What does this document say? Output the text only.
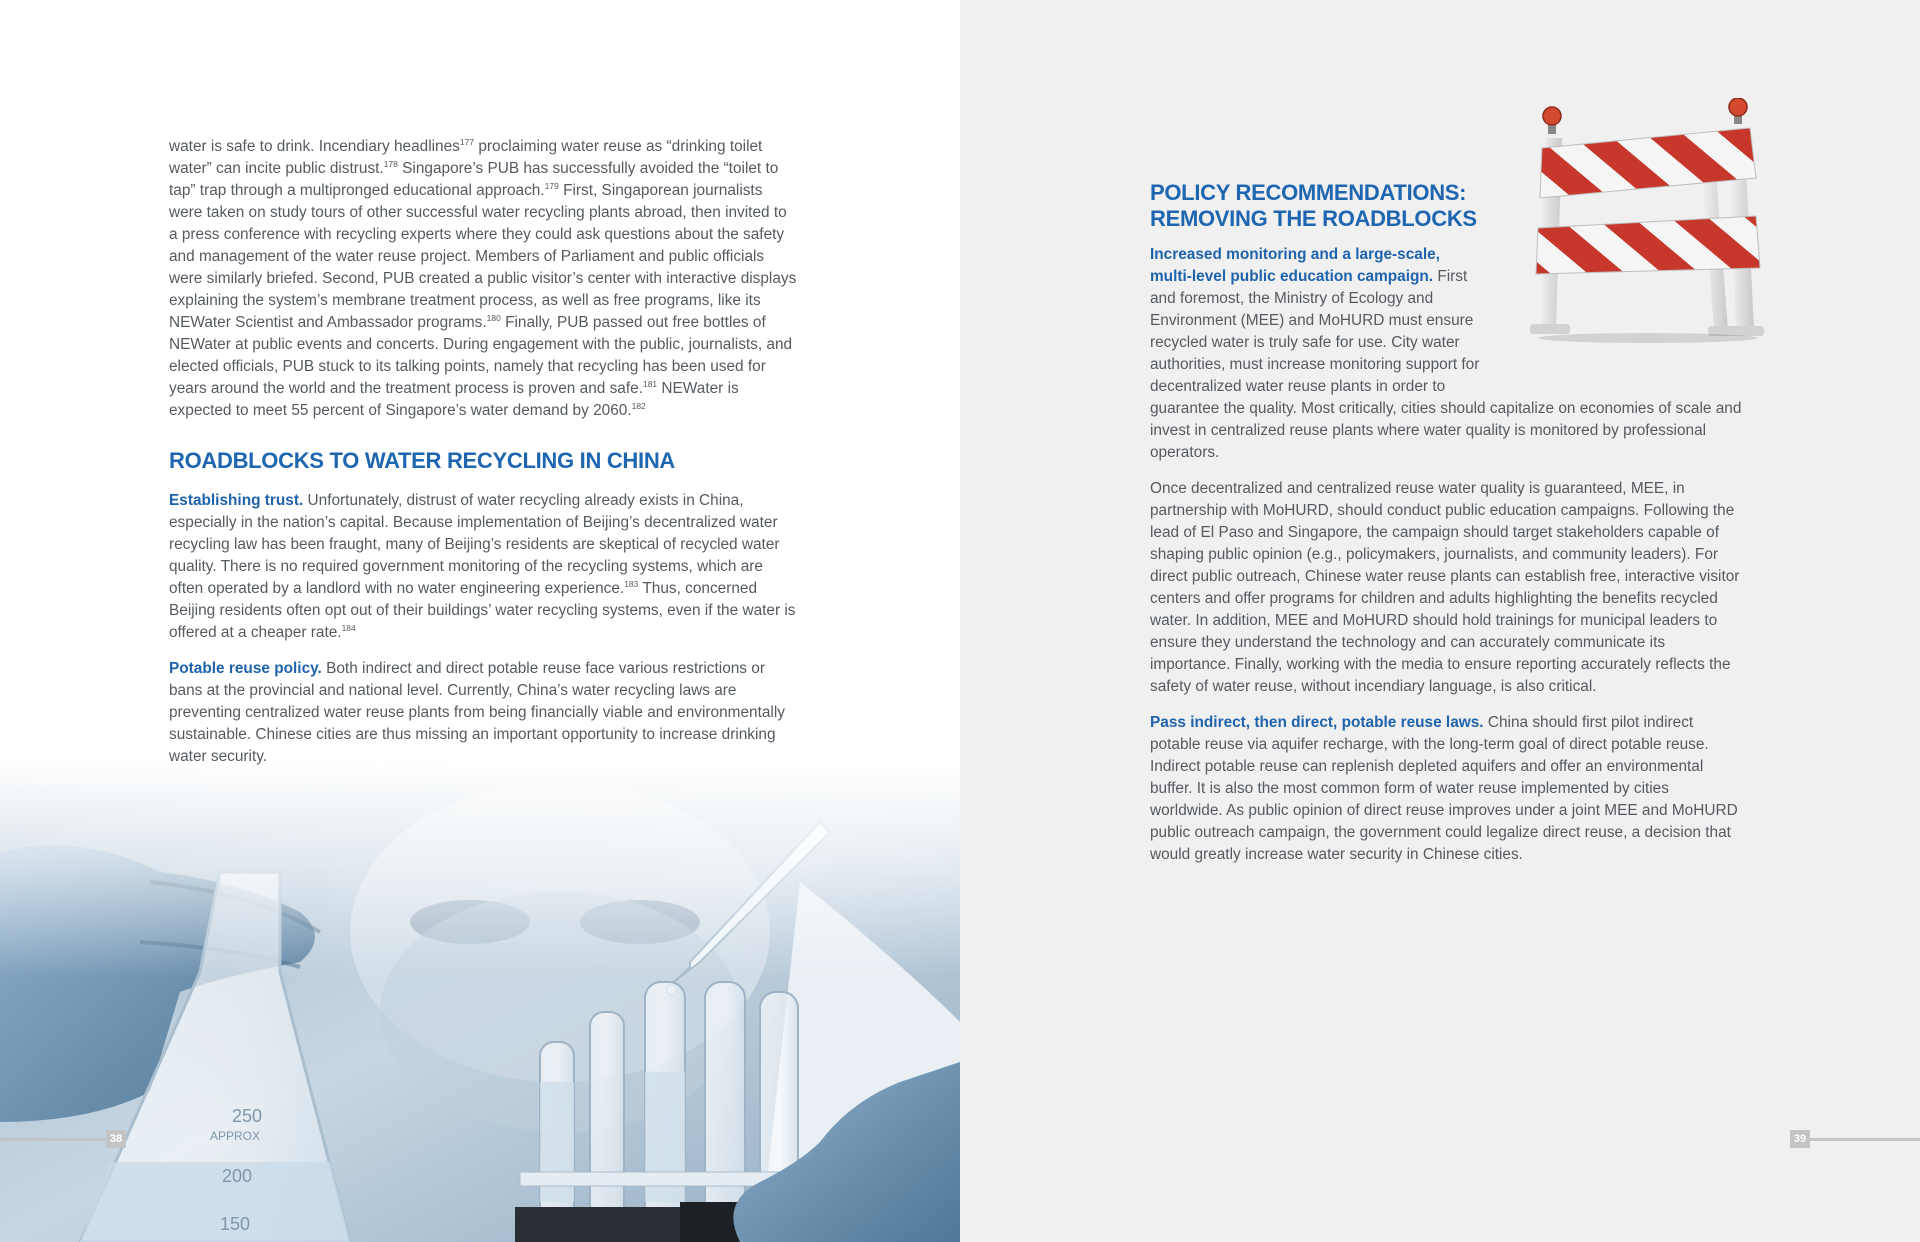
water is safe to drink. Incendiary headlines$^{177}$ proclaiming water reuse as “drinking toilet water” can incite public distrust.$^{178}$ Singapore’s PUB has successfully avoided the “toilet to tap” trap through a multipronged educational approach.$^{179}$ First, Singaporean journalists were taken on study tours of other successful water recycling plants abroad, then invited to a press conference with recycling experts where they could ask questions about the safety and management of the water reuse project. Members of Parliament and public officials were similarly briefed. Second, PUB created a public visitor’s center with interactive displays explaining the system’s membrane treatment process, as well as free programs, like its NEWater Scientist and Ambassador programs.$^{180}$ Finally, PUB passed out free bottles of NEWater at public events and concerts. During engagement with the public, journalists, and elected officials, PUB stuck to its talking points, namely that recycling has been used for years around the world and the treatment process is proven and safe.$^{181}$ NEWater is expected to meet 55 percent of Singapore’s water demand by 2060.$^{182}$

ROADBLOCKS TO WATER RECYCLING IN CHINA

Establishing trust. Unfortunately, distrust of water recycling already exists in China, especially in the nation’s capital. Because implementation of Beijing’s decentralized water recycling law has been fraught, many of Beijing’s residents are skeptical of recycled water quality. There is no required government monitoring of the recycling systems, which are often operated by a landlord with no water engineering experience.$^{183}$ Thus, concerned Beijing residents often opt out of their buildings’ water recycling systems, even if the water is offered at a cheaper rate.$^{184}$

Potable reuse policy. Both indirect and direct potable reuse face various restrictions or bans at the provincial and national level. Currently, China’s water recycling laws are preventing centralized water reuse plants from being financially viable and environmentally sustainable. Chinese cities are thus missing an important opportunity to increase drinking water security.

38
POLICY RECOMMENDATIONS:
REMOVING THE ROADBLOCKS

Increased monitoring and a large-scale, multi-level public education campaign. First and foremost, the Ministry of Ecology and Environment (MEE) and MoHURD must ensure recycled water is truly safe for use. City water authorities, must increase monitoring support for decentralized water reuse plants in order to guarantee the quality. Most critically, cities should capitalize on economies of scale and invest in centralized reuse plants where water quality is monitored by professional operators.

Once decentralized and centralized reuse water quality is guaranteed, MEE, in partnership with MoHURD, should conduct public education campaigns. Following the lead of El Paso and Singapore, the campaign should target stakeholders capable of shaping public opinion (e.g., policymakers, journalists, and community leaders). For direct public outreach, Chinese water reuse plants can establish free, interactive visitor centers and offer programs for children and adults highlighting the benefits recycled water. In addition, MEE and MoHURD should hold trainings for municipal leaders to ensure they understand the technology and can accurately communicate its importance. Finally, working with the media to ensure reporting accurately reflects the safety of water reuse, without incendiary language, is also critical.

Pass indirect, then direct, potable reuse laws. China should first pilot indirect potable reuse via aquifer recharge, with the long-term goal of direct potable reuse. Indirect potable reuse can replenish depleted aquifers and offer an environmental buffer. It is also the most common form of water reuse implemented by cities worldwide. As public opinion of direct reuse improves under a joint MEE and MoHURD public outreach campaign, the government could legalize direct reuse, a decision that would greatly increase water security in Chinese cities.

39
